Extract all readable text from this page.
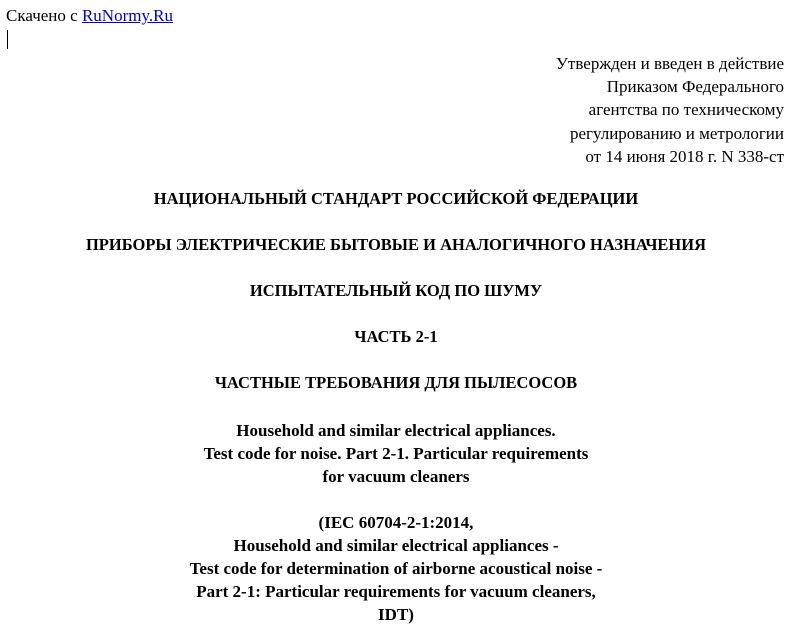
Скачено с RuNormy.Ru
Утвержден и введен в действие
Приказом Федерального
агентства по техническому
регулированию и метрологии
от 14 июня 2018 г. N 338-ст
НАЦИОНАЛЬНЫЙ СТАНДАРТ РОССИЙСКОЙ ФЕДЕРАЦИИ
ПРИБОРЫ ЭЛЕКТРИЧЕСКИЕ БЫТОВЫЕ И АНАЛОГИЧНОГО НАЗНАЧЕНИЯ
ИСПЫТАТЕЛЬНЫЙ КОД ПО ШУМУ
ЧАСТЬ 2-1
ЧАСТНЫЕ ТРЕБОВАНИЯ ДЛЯ ПЫЛЕСОСОВ
Household and similar electrical appliances.
Test code for noise. Part 2-1. Particular requirements
for vacuum cleaners
(IEC 60704-2-1:2014,
Household and similar electrical appliances -
Test code for determination of airborne acoustical noise -
Part 2-1: Particular requirements for vacuum cleaners,
IDT)
